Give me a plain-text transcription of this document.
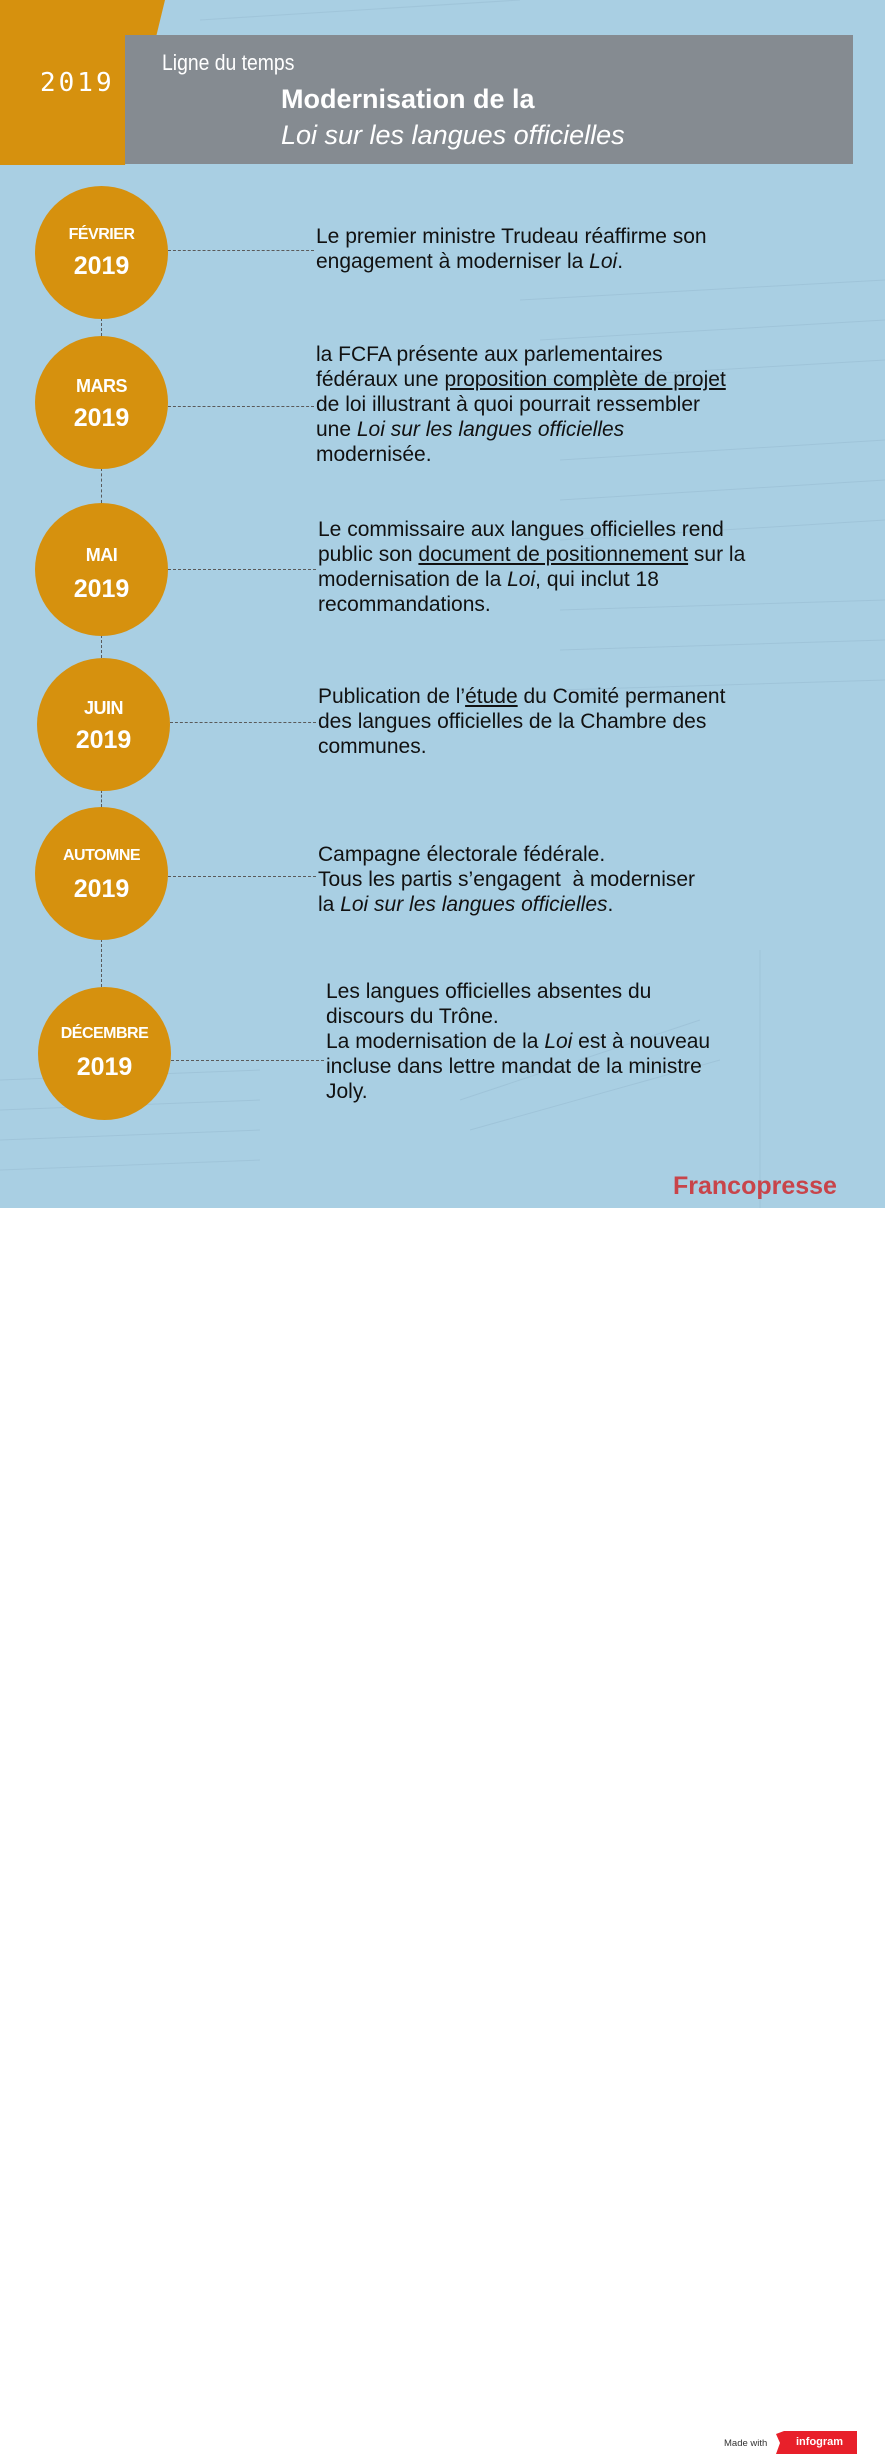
2019
Ligne du temps
Modernisation de la
Loi sur les langues officielles
FÉVRIER
2019
Le premier ministre Trudeau réaffirme son
engagement à moderniser la Loi.
MARS
2019
la FCFA présente aux parlementaires
fédéraux une proposition complète de projet
de loi illustrant à quoi pourrait ressembler
une Loi sur les langues officielles
modernisée.
MAI
2019
Le commissaire aux langues officielles rend
public son document de positionnement sur la
modernisation de la Loi, qui inclut 18
recommandations.
JUIN
2019
Publication de l’étude du Comité permanent
des langues officielles de la Chambre des
communes.
AUTOMNE
2019
Campagne électorale fédérale.
Tous les partis s’engagent  à moderniser
la Loi sur les langues officielles.
DÉCEMBRE
2019
Les langues officielles absentes du
discours du Trône.
La modernisation de la Loi est à nouveau
incluse dans lettre mandat de la ministre
Joly.
Francopresse
Made with	infogram
